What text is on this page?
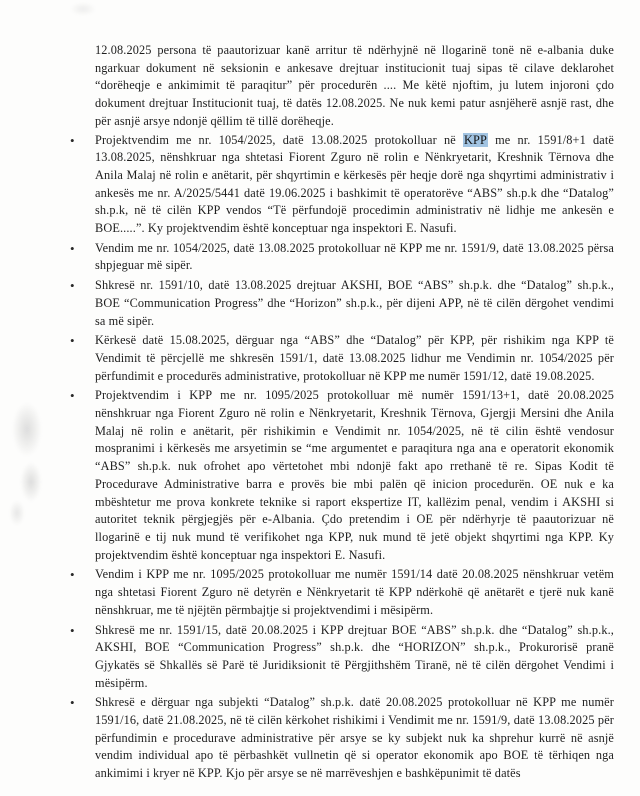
12.08.2025 persona të paautorizuar kanë arritur të ndërhyjnë në llogarinë tonë në e-albania duke ngarkuar dokument në seksionin e ankesave drejtuar institucionit tuaj sipas të cilave deklarohet “dorëheqje e ankimimit të paraqitur” për procedurën .... Me këtë njoftim, ju lutem injoroni çdo dokument drejtuar Institucionit tuaj, të datës 12.08.2025. Ne nuk kemi patur asnjëherë asnjë rast, dhe për asnjë arsye ndonjë qëllim të tillë dorëheqje.

• Projektvendim me nr. 1054/2025, datë 13.08.2025 protokolluar në KPP me nr. 1591/8+1 datë 13.08.2025, nënshkruar nga shtetasi Fiorent Zguro në rolin e Nënkryetarit, Kreshnik Tërnova dhe Anila Malaj në rolin e anëtarit, për shqyrtimin e kërkesës për heqje dorë nga shqyrtimi administrativ i ankesës me nr. A/2025/5441 datë 19.06.2025 i bashkimit të operatorëve “ABS” sh.p.k dhe “Datalog” sh.p.k, në të cilën KPP vendos “Të përfundojë procedimin administrativ në lidhje me ankesën e BOE.....”. Ky projektvendim është konceptuar nga inspektori E. Nasufi.
• Vendim me nr. 1054/2025, datë 13.08.2025 protokolluar në KPP me nr. 1591/9, datë 13.08.2025 përsa shpjeguar më sipër.
• Shkresë nr. 1591/10, datë 13.08.2025 drejtuar AKSHI, BOE “ABS” sh.p.k. dhe “Datalog” sh.p.k., BOE “Communication Progress” dhe “Horizon” sh.p.k., për dijeni APP, në të cilën dërgohet vendimi sa më sipër.
• Kërkesë datë 15.08.2025, dërguar nga “ABS” dhe “Datalog” për KPP, për rishikim nga KPP të Vendimit të përcjellë me shkresën 1591/1, datë 13.08.2025 lidhur me Vendimin nr. 1054/2025 për përfundimit e procedurës administrative, protokolluar në KPP me numër 1591/12, datë 19.08.2025.
• Projektvendim i KPP me nr. 1095/2025 protokolluar më numër 1591/13+1, datë 20.08.2025 nënshkruar nga Fiorent Zguro në rolin e Nënkryetarit, Kreshnik Tërnova, Gjergji Mersini dhe Anila Malaj në rolin e anëtarit, për rishikimin e Vendimit nr. 1054/2025, në të cilin është vendosur mospranimi i kërkesës me arsyetimin se “me argumentet e paraqitura nga ana e operatorit ekonomik “ABS” sh.p.k. nuk ofrohet apo vërtetohet mbi ndonjë fakt apo rrethanë të re. Sipas Kodit të Procedurave Administrative barra e provës bie mbi palën që inicion procedurën. OE nuk e ka mbështetur me prova konkrete teknike si raport ekspertize IT, kallëzim penal, vendim i AKSHI si autoritet teknik përgjegjës për e-Albania. Çdo pretendim i OE për ndërhyrje të paautorizuar në llogarinë e tij nuk mund të verifikohet nga KPP, nuk mund të jetë objekt shqyrtimi nga KPP. Ky projektvendim është konceptuar nga inspektori E. Nasufi.
• Vendim i KPP me nr. 1095/2025 protokolluar me numër 1591/14 datë 20.08.2025 nënshkruar vetëm nga shtetasi Fiorent Zguro në detyrën e Nënkryetarit të KPP ndërkohë që anëtarët e tjerë nuk kanë nënshkruar, me të njëjtën përmbajtje si projektvendimi i mësipërm.
• Shkresë me nr. 1591/15, datë 20.08.2025 i KPP drejtuar BOE “ABS” sh.p.k. dhe “Datalog” sh.p.k., AKSHI, BOE “Communication Progress” sh.p.k. dhe “HORIZON” sh.p.k., Prokurorisë pranë Gjykatës së Shkallës së Parë të Juridiksionit të Përgjithshëm Tiranë, në të cilën dërgohet Vendimi i mësipërm.
• Shkresë e dërguar nga subjekti “Datalog” sh.p.k. datë 20.08.2025 protokolluar në KPP me numër 1591/16, datë 21.08.2025, në të cilën kërkohet rishikimi i Vendimit me nr. 1591/9, datë 13.08.2025 për përfundimin e procedurave administrative për arsye se ky subjekt nuk ka shprehur kurrë në asnjë vendim individual apo të përbashkët vullnetin që si operator ekonomik apo BOE të tërhiqen nga ankimimi i kryer në KPP. Kjo për arsye se në marrëveshjen e bashkëpunimit të datës
